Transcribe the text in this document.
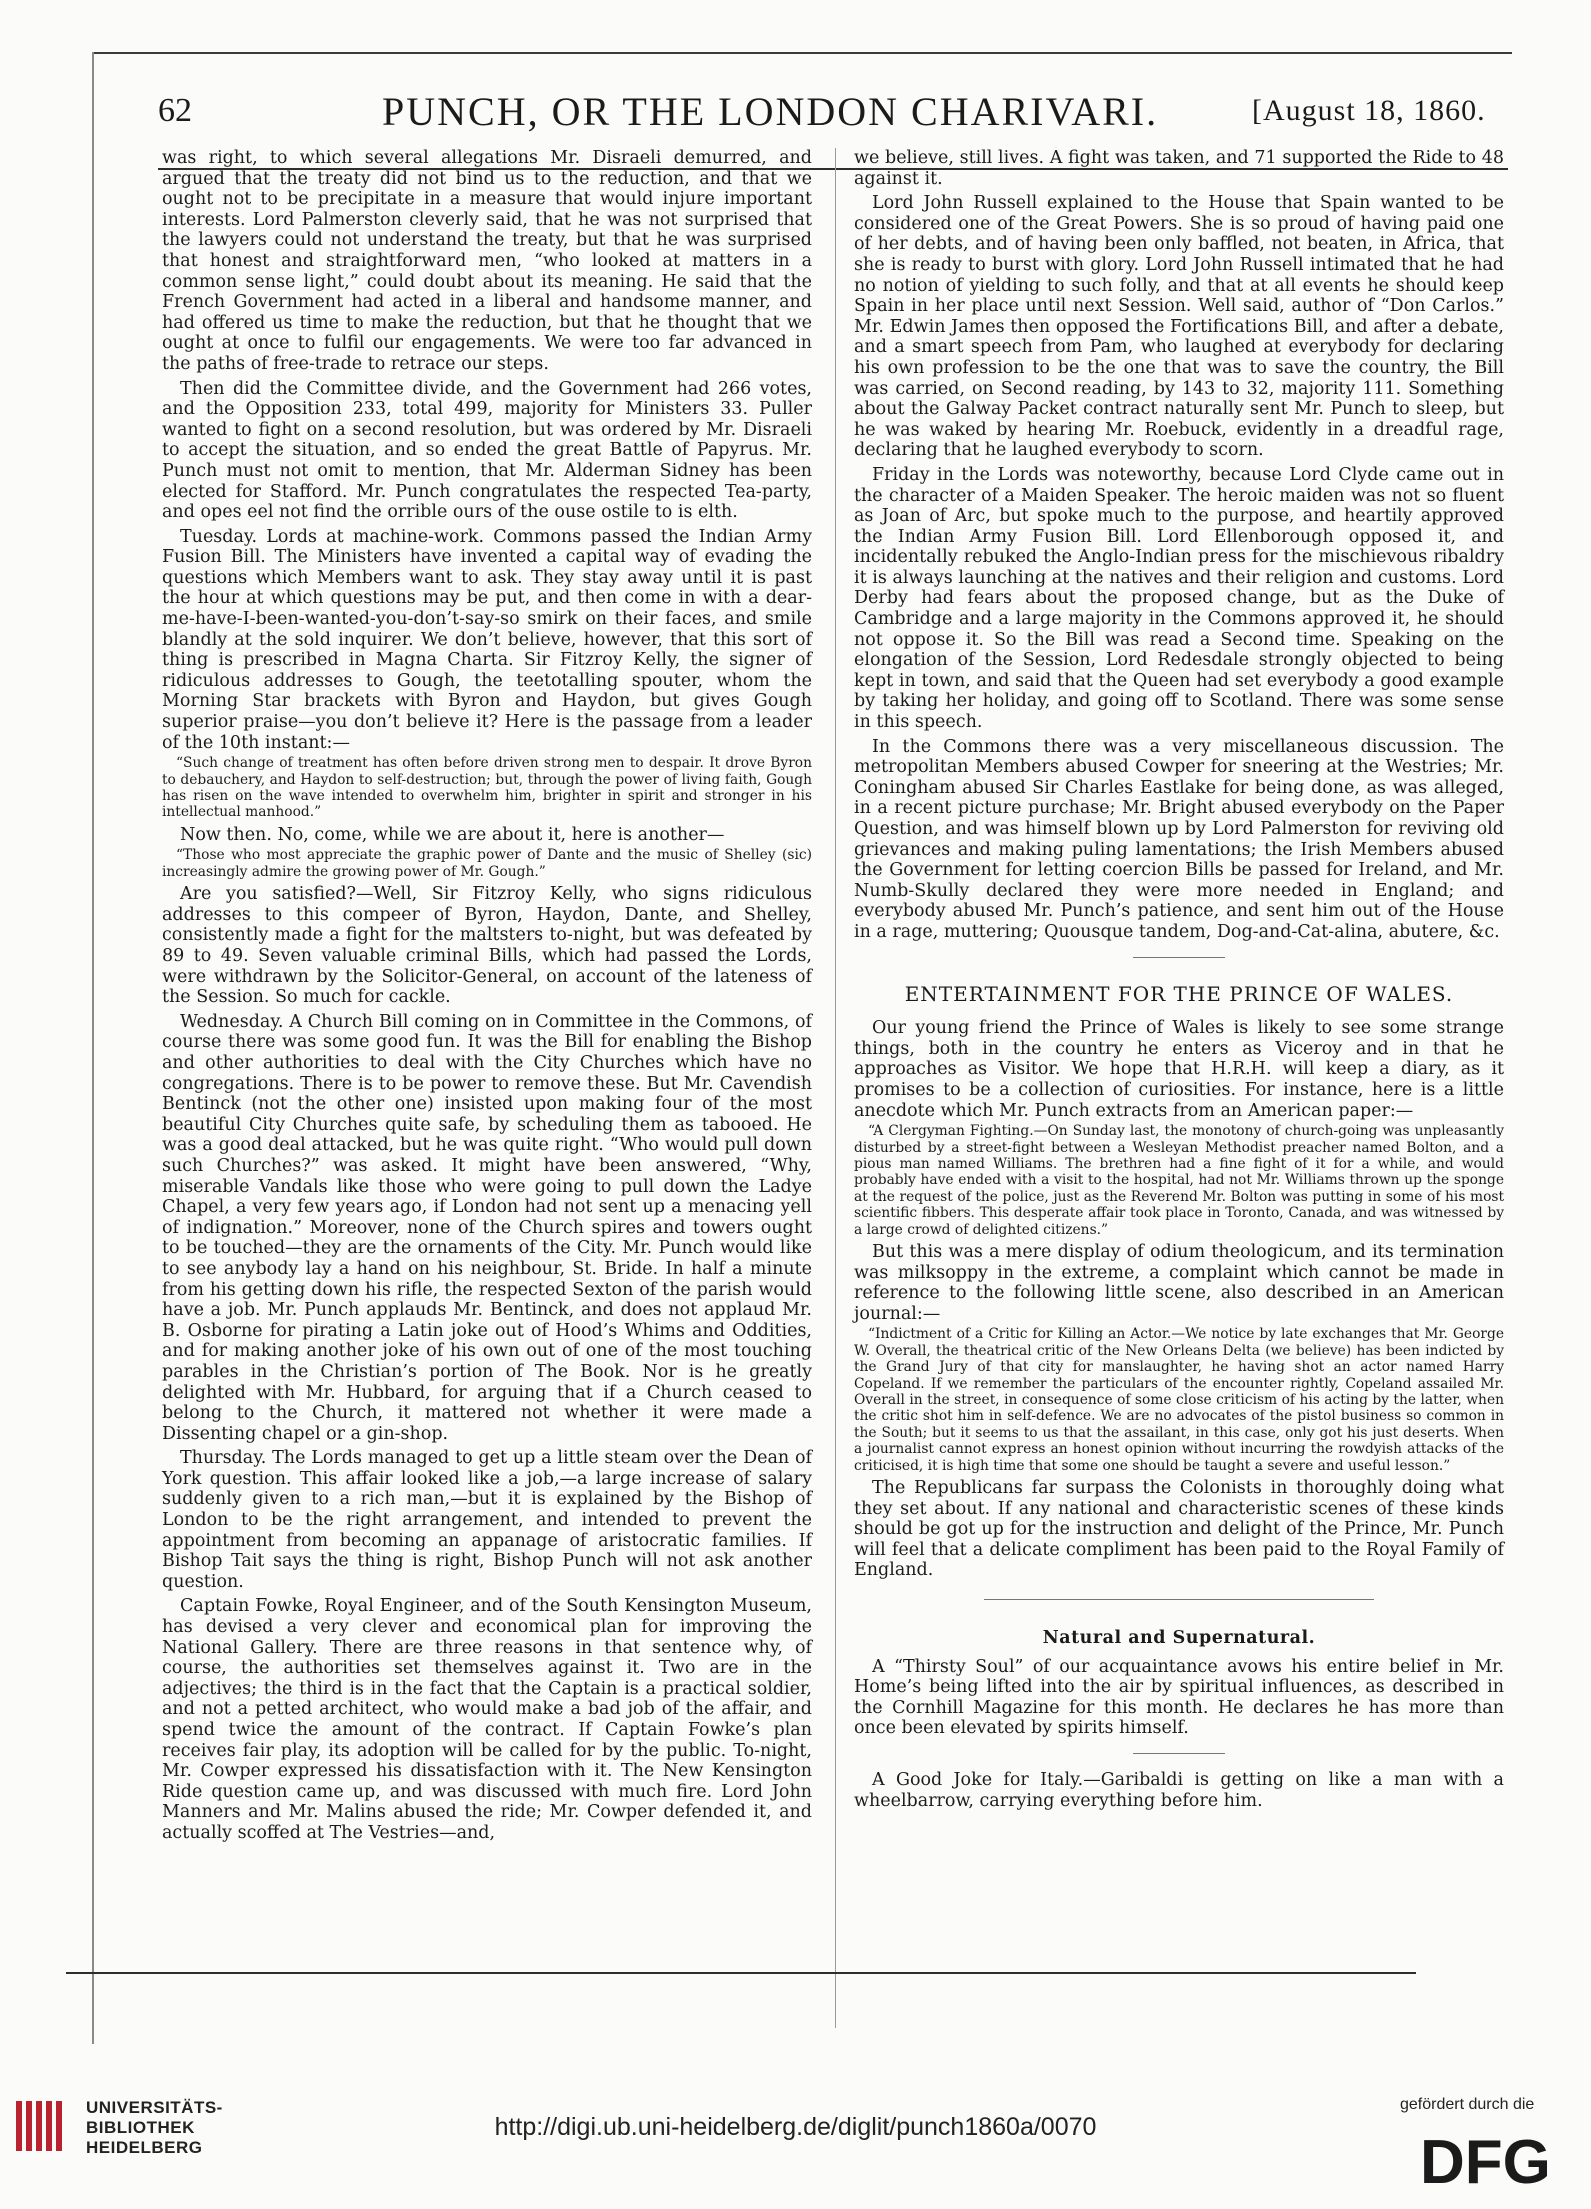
62	PUNCH, OR THE LONDON CHARIVARI.	[August 18, 1860.

was right, to which several allegations Mr. Disraeli demurred, and argued that the treaty did not bind us to the reduction, and that we ought not to be precipitate in a measure that would injure important interests. Lord Palmerston cleverly said, that he was not surprised that the lawyers could not understand the treaty, but that he was surprised that honest and straightforward men, “who looked at matters in a common sense light,” could doubt about its meaning. He said that the French Government had acted in a liberal and handsome manner, and had offered us time to make the reduction, but that he thought that we ought at once to fulfil our engagements. We were too far advanced in the paths of free-trade to retrace our steps.

Then did the Committee divide, and the Government had 266 votes, and the Opposition 233, total 499, majority for Ministers 33. Puller wanted to fight on a second resolution, but was ordered by Mr. Disraeli to accept the situation, and so ended the great Battle of Papyrus. Mr. Punch must not omit to mention, that Mr. Alderman Sidney has been elected for Stafford. Mr. Punch congratulates the respected Tea-party, and opes eel not find the orrible ours of the ouse ostile to is elth.

Tuesday. Lords at machine-work. Commons passed the Indian Army Fusion Bill. The Ministers have invented a capital way of evading the questions which Members want to ask. They stay away until it is past the hour at which questions may be put, and then come in with a dear-me-have-I-been-wanted-you-don’t-say-so smirk on their faces, and smile blandly at the sold inquirer. We don’t believe, however, that this sort of thing is prescribed in Magna Charta. Sir Fitzroy Kelly, the signer of ridiculous addresses to Gough, the teetotalling spouter, whom the Morning Star brackets with Byron and Haydon, but gives Gough superior praise—you don’t believe it? Here is the passage from a leader of the 10th instant:—

“Such change of treatment has often before driven strong men to despair. It drove Byron to debauchery, and Haydon to self-destruction; but, through the power of living faith, Gough has risen on the wave intended to overwhelm him, brighter in spirit and stronger in his intellectual manhood.”

Now then. No, come, while we are about it, here is another—

“Those who most appreciate the graphic power of Dante and the music of Shelley (sic) increasingly admire the growing power of Mr. Gough.”

Are you satisfied?—Well, Sir Fitzroy Kelly, who signs ridiculous addresses to this compeer of Byron, Haydon, Dante, and Shelley, consistently made a fight for the maltsters to-night, but was defeated by 89 to 49. Seven valuable criminal Bills, which had passed the Lords, were withdrawn by the Solicitor-General, on account of the lateness of the Session. So much for cackle.

Wednesday. A Church Bill coming on in Committee in the Commons, of course there was some good fun. It was the Bill for enabling the Bishop and other authorities to deal with the City Churches which have no congregations. There is to be power to remove these. But Mr. Cavendish Bentinck (not the other one) insisted upon making four of the most beautiful City Churches quite safe, by scheduling them as tabooed. He was a good deal attacked, but he was quite right. “Who would pull down such Churches?” was asked. It might have been answered, “Why, miserable Vandals like those who were going to pull down the Ladye Chapel, a very few years ago, if London had not sent up a menacing yell of indignation.” Moreover, none of the Church spires and towers ought to be touched—they are the ornaments of the City. Mr. Punch would like to see anybody lay a hand on his neighbour, St. Bride. In half a minute from his getting down his rifle, the respected Sexton of the parish would have a job. Mr. Punch applauds Mr. Bentinck, and does not applaud Mr. B. Osborne for pirating a Latin joke out of Hood’s Whims and Oddities, and for making another joke of his own out of one of the most touching parables in the Christian’s portion of The Book. Nor is he greatly delighted with Mr. Hubbard, for arguing that if a Church ceased to belong to the Church, it mattered not whether it were made a Dissenting chapel or a gin-shop.

Thursday. The Lords managed to get up a little steam over the Dean of York question. This affair looked like a job,—a large increase of salary suddenly given to a rich man,—but it is explained by the Bishop of London to be the right arrangement, and intended to prevent the appointment from becoming an appanage of aristocratic families. If Bishop Tait says the thing is right, Bishop Punch will not ask another question.

Captain Fowke, Royal Engineer, and of the South Kensington Museum, has devised a very clever and economical plan for improving the National Gallery. There are three reasons in that sentence why, of course, the authorities set themselves against it. Two are in the adjectives; the third is in the fact that the Captain is a practical soldier, and not a petted architect, who would make a bad job of the affair, and spend twice the amount of the contract. If Captain Fowke’s plan receives fair play, its adoption will be called for by the public. To-night, Mr. Cowper expressed his dissatisfaction with it. The New Kensington Ride question came up, and was discussed with much fire. Lord John Manners and Mr. Malins abused the ride; Mr. Cowper defended it, and actually scoffed at The Vestries—and,

we believe, still lives. A fight was taken, and 71 supported the Ride to 48 against it.

Lord John Russell explained to the House that Spain wanted to be considered one of the Great Powers. She is so proud of having paid one of her debts, and of having been only baffled, not beaten, in Africa, that she is ready to burst with glory. Lord John Russell intimated that he had no notion of yielding to such folly, and that at all events he should keep Spain in her place until next Session. Well said, author of “Don Carlos.” Mr. Edwin James then opposed the Fortifications Bill, and after a debate, and a smart speech from Pam, who laughed at everybody for declaring his own profession to be the one that was to save the country, the Bill was carried, on Second reading, by 143 to 32, majority 111. Something about the Galway Packet contract naturally sent Mr. Punch to sleep, but he was waked by hearing Mr. Roebuck, evidently in a dreadful rage, declaring that he laughed everybody to scorn.

Friday in the Lords was noteworthy, because Lord Clyde came out in the character of a Maiden Speaker. The heroic maiden was not so fluent as Joan of Arc, but spoke much to the purpose, and heartily approved the Indian Army Fusion Bill. Lord Ellenborough opposed it, and incidentally rebuked the Anglo-Indian press for the mischievous ribaldry it is always launching at the natives and their religion and customs. Lord Derby had fears about the proposed change, but as the Duke of Cambridge and a large majority in the Commons approved it, he should not oppose it. So the Bill was read a Second time. Speaking on the elongation of the Session, Lord Redesdale strongly objected to being kept in town, and said that the Queen had set everybody a good example by taking her holiday, and going off to Scotland. There was some sense in this speech.

In the Commons there was a very miscellaneous discussion. The metropolitan Members abused Cowper for sneering at the Westries; Mr. Coningham abused Sir Charles Eastlake for being done, as was alleged, in a recent picture purchase; Mr. Bright abused everybody on the Paper Question, and was himself blown up by Lord Palmerston for reviving old grievances and making puling lamentations; the Irish Members abused the Government for letting coercion Bills be passed for Ireland, and Mr. Numb-Skully declared they were more needed in England; and everybody abused Mr. Punch’s patience, and sent him out of the House in a rage, muttering; Quousque tandem, Dog-and-Cat-alina, abutere, &c.

ENTERTAINMENT FOR THE PRINCE OF WALES.

Our young friend the Prince of Wales is likely to see some strange things, both in the country he enters as Viceroy and in that he approaches as Visitor. We hope that H.R.H. will keep a diary, as it promises to be a collection of curiosities. For instance, here is a little anecdote which Mr. Punch extracts from an American paper:—

“A Clergyman Fighting.—On Sunday last, the monotony of church-going was unpleasantly disturbed by a street-fight between a Wesleyan Methodist preacher named Bolton, and a pious man named Williams. The brethren had a fine fight of it for a while, and would probably have ended with a visit to the hospital, had not Mr. Williams thrown up the sponge at the request of the police, just as the Reverend Mr. Bolton was putting in some of his most scientific fibbers. This desperate affair took place in Toronto, Canada, and was witnessed by a large crowd of delighted citizens.”

But this was a mere display of odium theologicum, and its termination was milksoppy in the extreme, a complaint which cannot be made in reference to the following little scene, also described in an American journal:—

“Indictment of a Critic for Killing an Actor.—We notice by late exchanges that Mr. George W. Overall, the theatrical critic of the New Orleans Delta (we believe) has been indicted by the Grand Jury of that city for manslaughter, he having shot an actor named Harry Copeland. If we remember the particulars of the encounter rightly, Copeland assailed Mr. Overall in the street, in consequence of some close criticism of his acting by the latter, when the critic shot him in self-defence. We are no advocates of the pistol business so common in the South; but it seems to us that the assailant, in this case, only got his just deserts. When a journalist cannot express an honest opinion without incurring the rowdyish attacks of the criticised, it is high time that some one should be taught a severe and useful lesson.”

The Republicans far surpass the Colonists in thoroughly doing what they set about. If any national and characteristic scenes of these kinds should be got up for the instruction and delight of the Prince, Mr. Punch will feel that a delicate compliment has been paid to the Royal Family of England.

Natural and Supernatural.

A “Thirsty Soul” of our acquaintance avows his entire belief in Mr. Home’s being lifted into the air by spiritual influences, as described in the Cornhill Magazine for this month. He declares he has more than once been elevated by spirits himself.

A Good Joke for Italy.—Garibaldi is getting on like a man with a wheelbarrow, carrying everything before him.

UNIVERSITÄTS-
BIBLIOTHEK
HEIDELBERG
http://digi.ub.uni-heidelberg.de/diglit/punch1860a/0070
gefördert durch die
DFG
